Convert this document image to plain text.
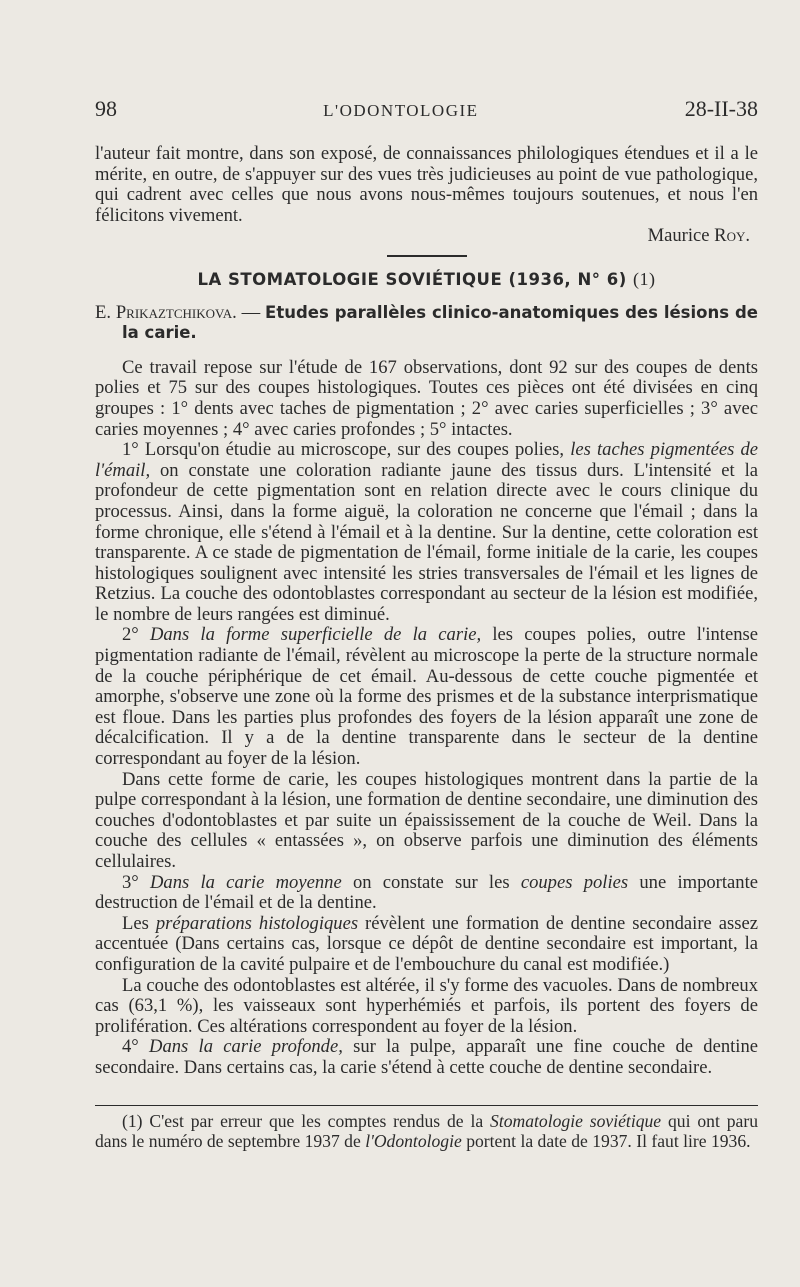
98	L'ODONTOLOGIE	28-II-38

l'auteur fait montre, dans son exposé, de connaissances philologiques étendues et il a le mérite, en outre, de s'appuyer sur des vues très judicieuses au point de vue pathologique, qui cadrent avec celles que nous avons nous-mêmes toujours soutenues, et nous l'en félicitons vivement.

Maurice Roy.

LA STOMATOLOGIE SOVIÉTIQUE (1936, N° 6) (1)

E. Prikaztchikova. — Etudes parallèles clinico-anatomiques des lésions de la carie.

Ce travail repose sur l'étude de 167 observations, dont 92 sur des coupes de dents polies et 75 sur des coupes histologiques. Toutes ces pièces ont été divisées en cinq groupes : 1° dents avec taches de pigmentation ; 2° avec caries superficielles ; 3° avec caries moyennes ; 4° avec caries profondes ; 5° intactes.

1° Lorsqu'on étudie au microscope, sur des coupes polies, les taches pigmentées de l'émail, on constate une coloration radiante jaune des tissus durs. L'intensité et la profondeur de cette pigmentation sont en relation directe avec le cours clinique du processus. Ainsi, dans la forme aiguë, la coloration ne concerne que l'émail ; dans la forme chronique, elle s'étend à l'émail et à la dentine. Sur la dentine, cette coloration est transparente. A ce stade de pigmentation de l'émail, forme initiale de la carie, les coupes histologiques soulignent avec intensité les stries transversales de l'émail et les lignes de Retzius. La couche des odontoblastes correspondant au secteur de la lésion est modifiée, le nombre de leurs rangées est diminué.

2° Dans la forme superficielle de la carie, les coupes polies, outre l'intense pigmentation radiante de l'émail, révèlent au microscope la perte de la structure normale de la couche périphérique de cet émail. Au-dessous de cette couche pigmentée et amorphe, s'observe une zone où la forme des prismes et de la substance interprismatique est floue. Dans les parties plus profondes des foyers de la lésion apparaît une zone de décalcification. Il y a de la dentine transparente dans le secteur de la dentine correspondant au foyer de la lésion.

Dans cette forme de carie, les coupes histologiques montrent dans la partie de la pulpe correspondant à la lésion, une formation de dentine secondaire, une diminution des couches d'odontoblastes et par suite un épaississement de la couche de Weil. Dans la couche des cellules « entassées », on observe parfois une diminution des éléments cellulaires.

3° Dans la carie moyenne on constate sur les coupes polies une importante destruction de l'émail et de la dentine.

Les préparations histologiques révèlent une formation de dentine secondaire assez accentuée (Dans certains cas, lorsque ce dépôt de dentine secondaire est important, la configuration de la cavité pulpaire et de l'embouchure du canal est modifiée.)

La couche des odontoblastes est altérée, il s'y forme des vacuoles. Dans de nombreux cas (63,1 %), les vaisseaux sont hyperhémiés et parfois, ils portent des foyers de prolifération. Ces altérations correspondent au foyer de la lésion.

4° Dans la carie profonde, sur la pulpe, apparaît une fine couche de dentine secondaire. Dans certains cas, la carie s'étend à cette couche de dentine secondaire.

(1) C'est par erreur que les comptes rendus de la Stomatologie soviétique qui ont paru dans le numéro de septembre 1937 de l'Odontologie portent la date de 1937. Il faut lire 1936.
